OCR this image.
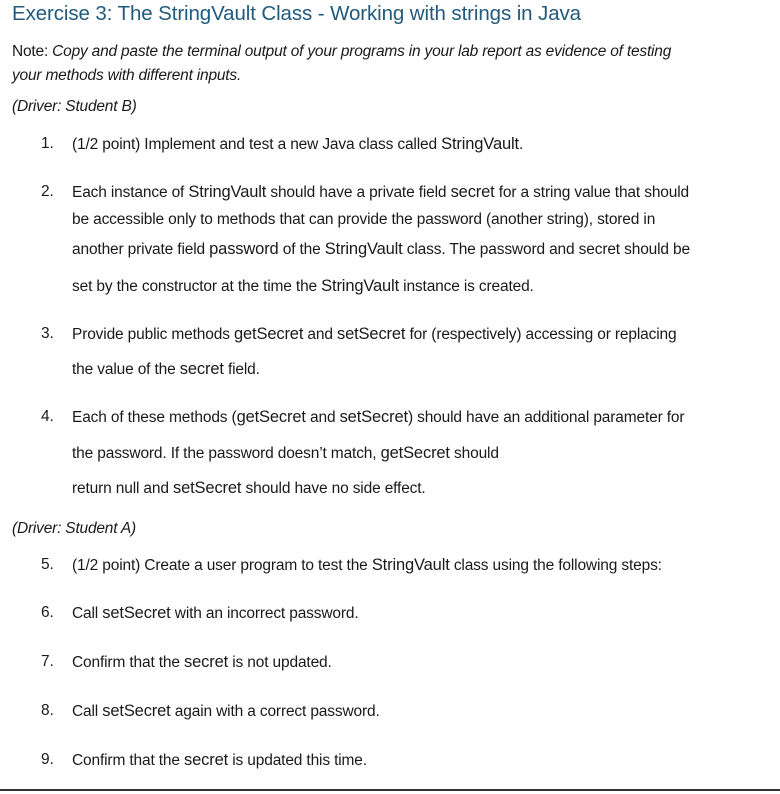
Exercise 3: The StringVault Class - Working with strings in Java
Note: Copy and paste the terminal output of your programs in your lab report as evidence of testing
your methods with different inputs.
(Driver: Student B)
(Driver: Student A)
1. (1/2 point) Implement and test a new Java class called StringVault.
2. Each instance of StringVault should have a private field secret for a string value that should
be accessible only to methods that can provide the password (another string), stored in
another private field password of the StringVault class. The password and secret should be
set by the constructor at the time the StringVault instance is created.
3. Provide public methods getSecret and setSecret for (respectively) accessing or replacing
the value of the secret field.
4. Each of these methods (getSecret and setSecret) should have an additional parameter for
the password. If the password doesn’t match, getSecret should
return null and setSecret should have no side effect.
5. (1/2 point) Create a user program to test the StringVault class using the following steps:
6. Call setSecret with an incorrect password.
7. Confirm that the secret is not updated.
8. Call setSecret again with a correct password.
9. Confirm that the secret is updated this time.
